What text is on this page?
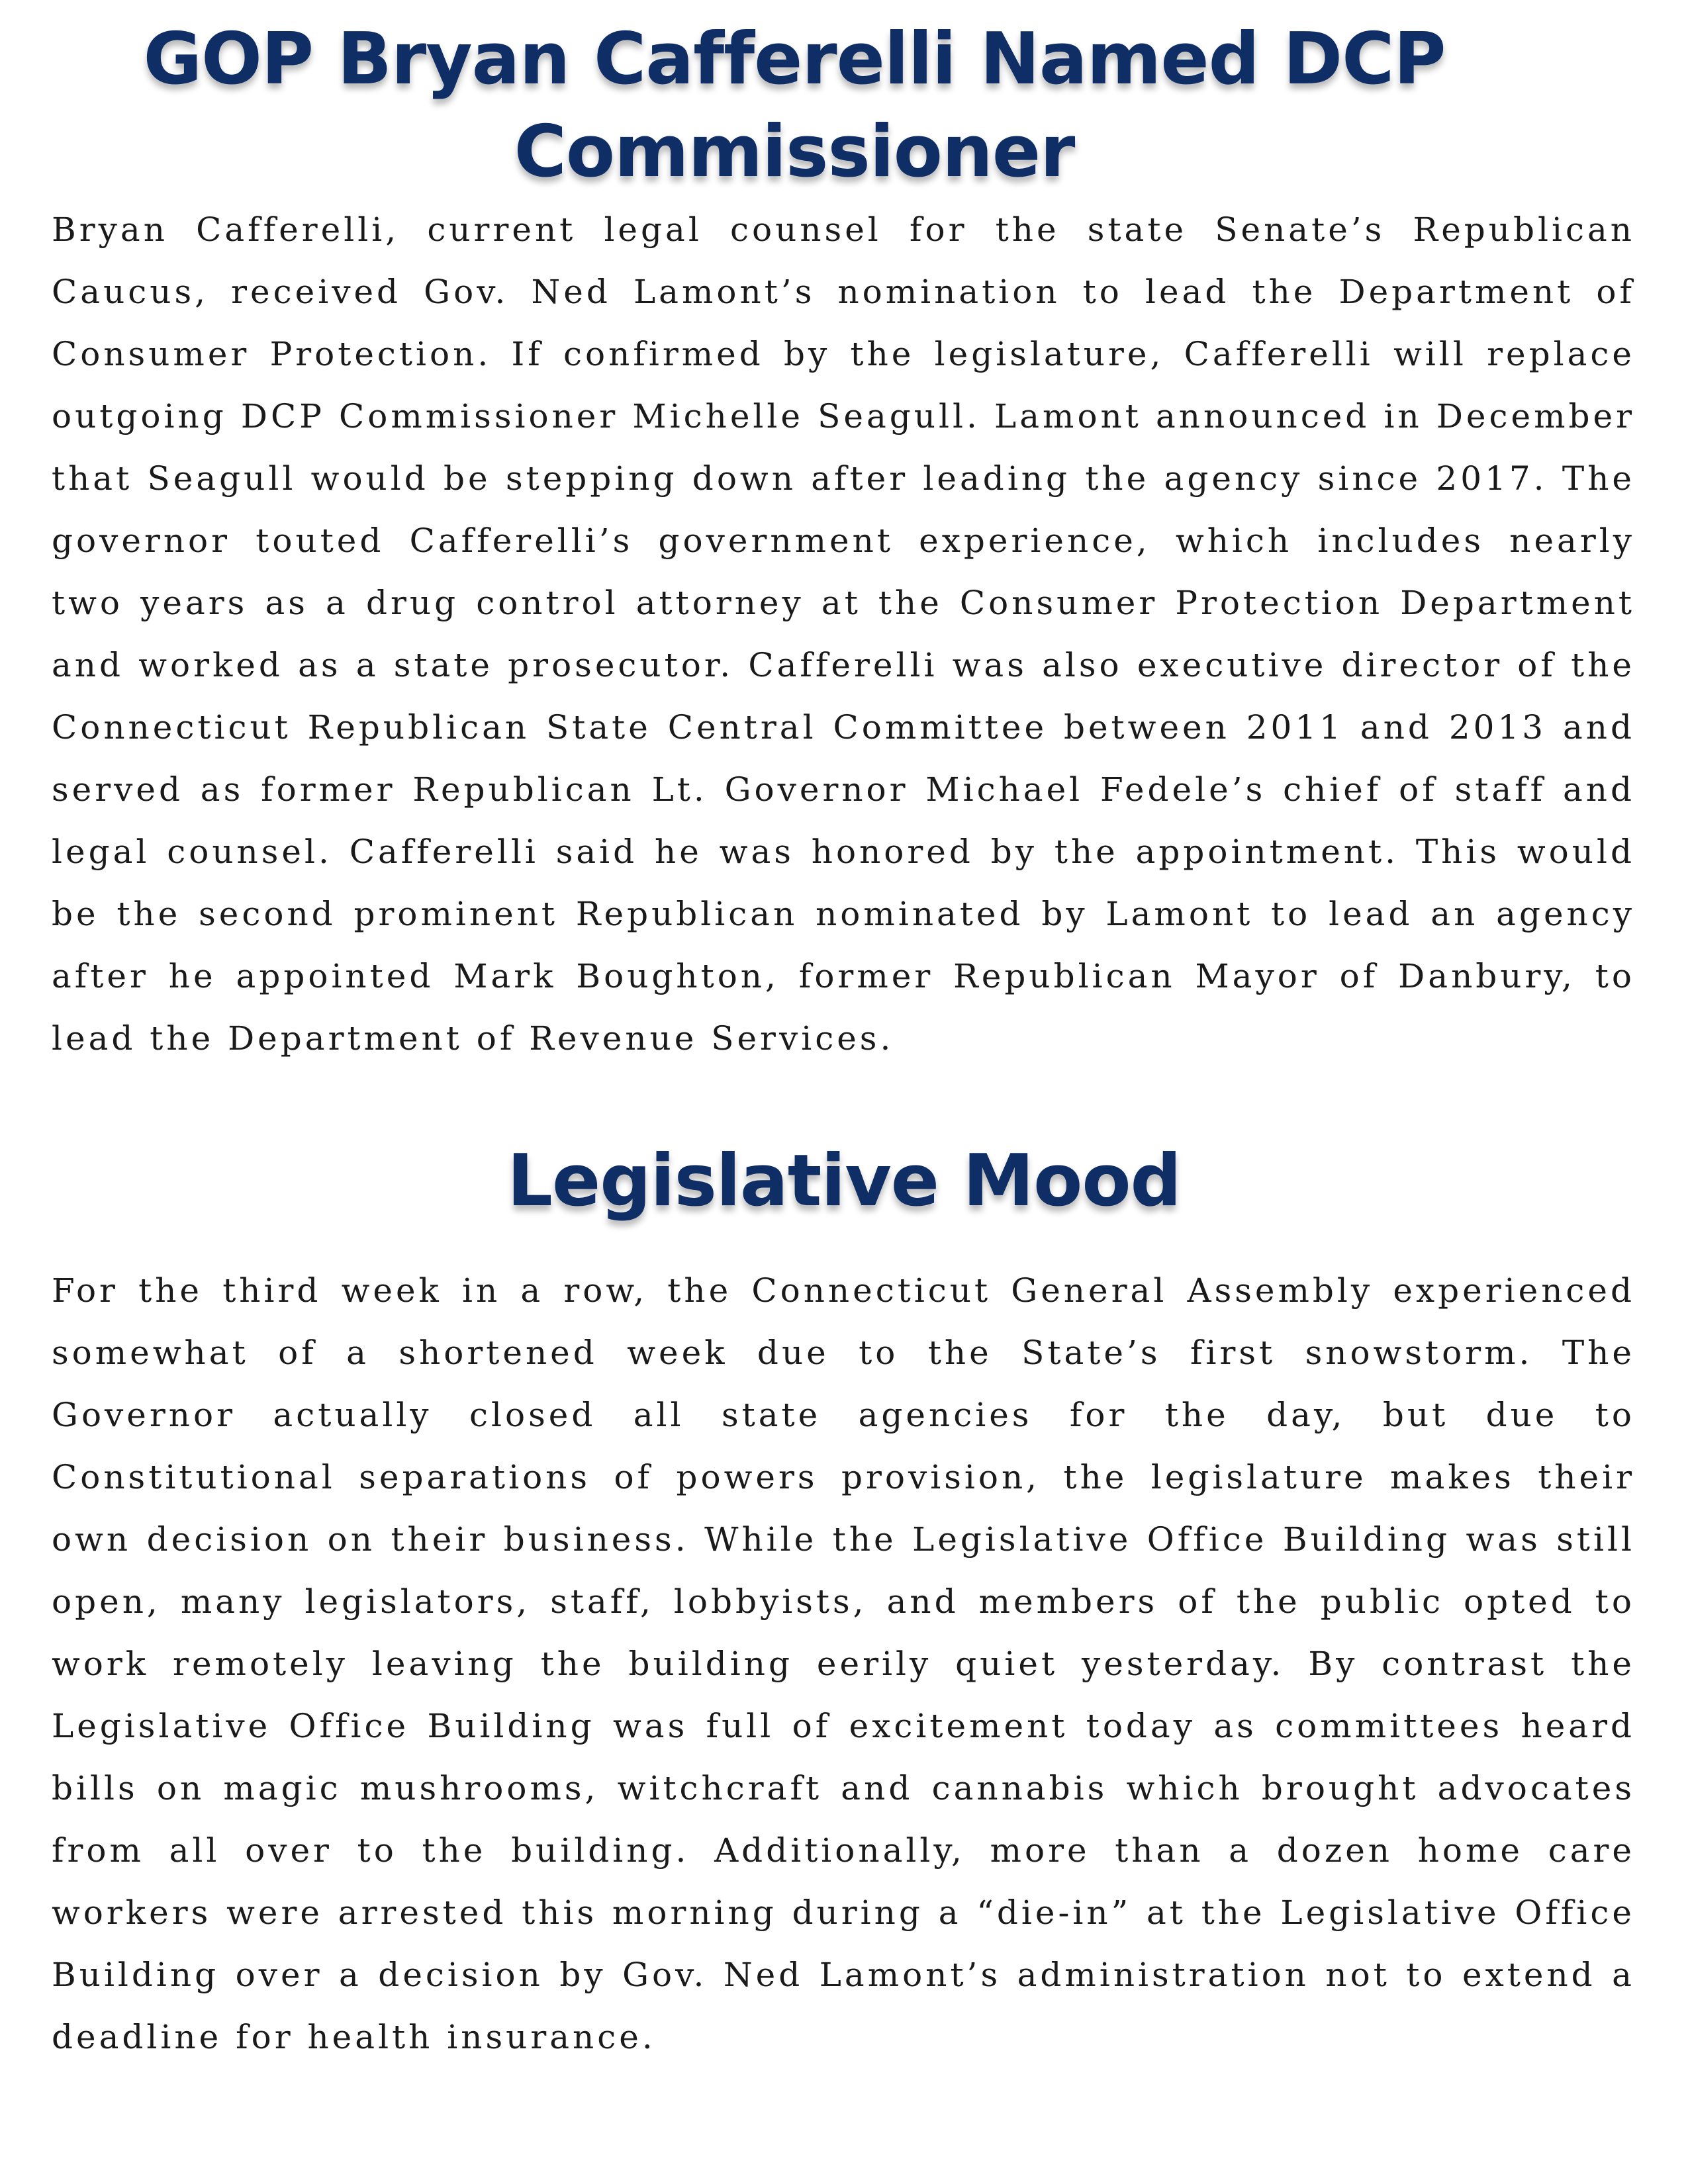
GOP Bryan Cafferelli Named DCP Commissioner

Bryan Cafferelli, current legal counsel for the state Senate’s Republican Caucus, received Gov. Ned Lamont’s nomination to lead the Department of Consumer Protection. If confirmed by the legislature, Cafferelli will replace outgoing DCP Commissioner Michelle Seagull. Lamont announced in December that Seagull would be stepping down after leading the agency since 2017. The governor touted Cafferelli’s government experience, which includes nearly two years as a drug control attorney at the Consumer Protection Department and worked as a state prosecutor. Cafferelli was also executive director of the Connecticut Republican State Central Committee between 2011 and 2013 and served as former Republican Lt. Governor Michael Fedele’s chief of staff and legal counsel. Cafferelli said he was honored by the appointment. This would be the second prominent Republican nominated by Lamont to lead an agency after he appointed Mark Boughton, former Republican Mayor of Danbury, to lead the Department of Revenue Services.

Legislative Mood

For the third week in a row, the Connecticut General Assembly experienced somewhat of a shortened week due to the State’s first snowstorm. The Governor actually closed all state agencies for the day, but due to Constitutional separations of powers provision, the legislature makes their own decision on their business. While the Legislative Office Building was still open, many legislators, staff, lobbyists, and members of the public opted to work remotely leaving the building eerily quiet yesterday. By contrast the Legislative Office Building was full of excitement today as committees heard bills on magic mushrooms, witchcraft and cannabis which brought advocates from all over to the building. Additionally, more than a dozen home care workers were arrested this morning during a “die-in” at the Legislative Office Building over a decision by Gov. Ned Lamont’s administration not to extend a deadline for health insurance.
